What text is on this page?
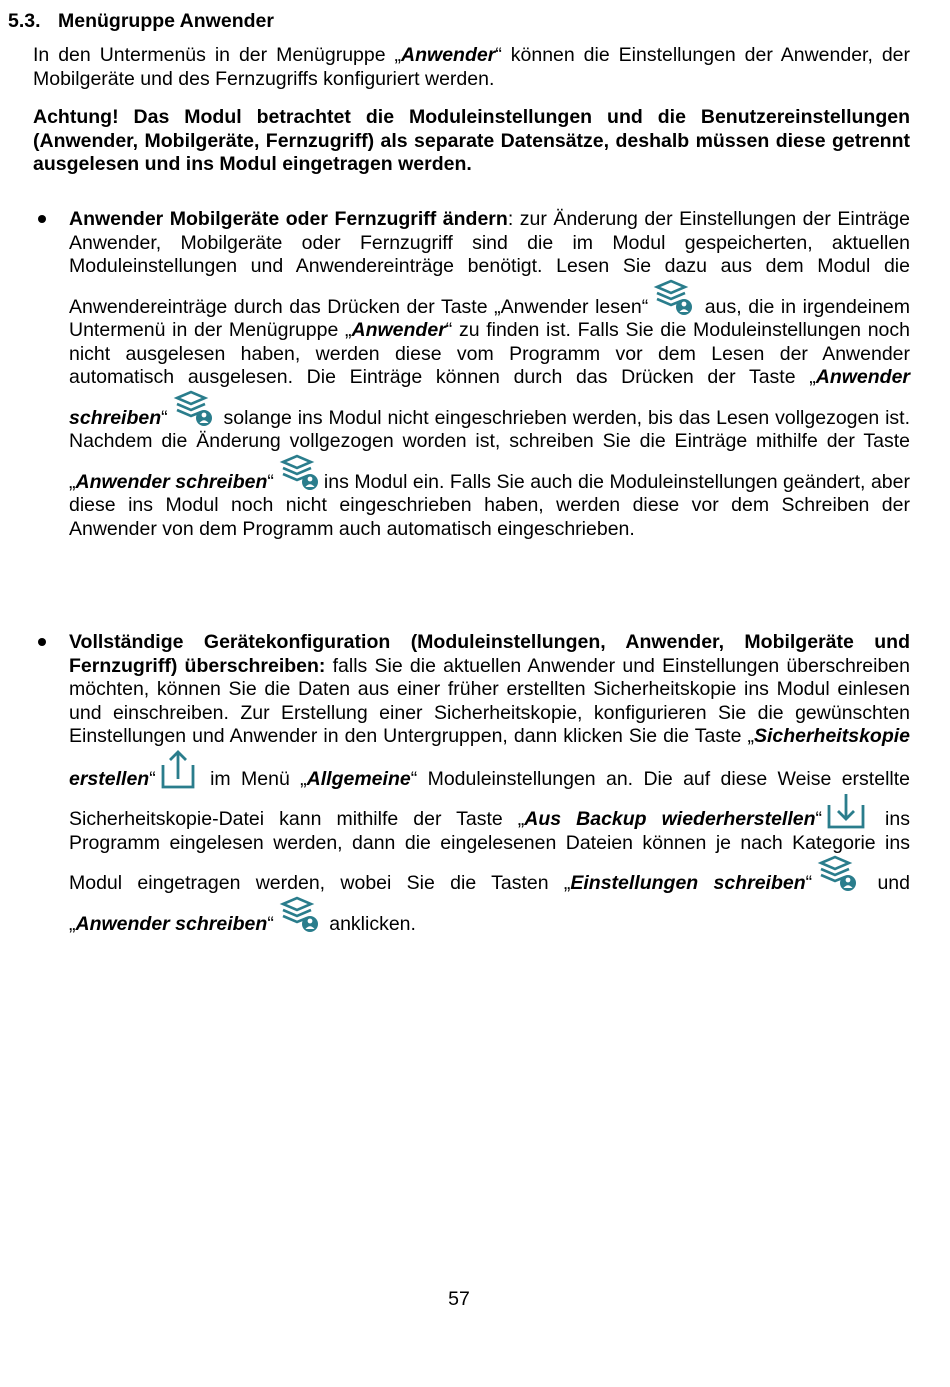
5.3. Menügruppe Anwender
In den Untermenüs in der Menügruppe „Anwender“ können die Einstellungen der Anwender, der Mobilgeräte und des Fernzugriffs konfiguriert werden.
Achtung! Das Modul betrachtet die Moduleinstellungen und die Benutzereinstellungen (Anwender, Mobilgeräte, Fernzugriff) als separate Datensätze, deshalb müssen diese getrennt ausgelesen und ins Modul eingetragen werden.
Anwender Mobilgeräte oder Fernzugriff ändern: zur Änderung der Einstellungen der Einträge Anwender, Mobilgeräte oder Fernzugriff sind die im Modul gespeicherten, aktuellen Moduleinstellungen und Anwendereinträge benötigt. Lesen Sie dazu aus dem Modul die Anwendereinträge durch das Drücken der Taste „Anwender lesen“	aus, die in irgendeinem Untermenü in der Menügruppe „Anwender“ zu finden ist. Falls Sie die Moduleinstellungen noch nicht ausgelesen haben, werden diese vom Programm vor dem Lesen der Anwender automatisch ausgelesen. Die Einträge können durch das Drücken der Taste „Anwender schreiben“	solange ins Modul nicht eingeschrieben werden, bis das Lesen vollgezogen ist. Nachdem die Änderung vollgezogen worden ist, schreiben Sie die Einträge mithilfe der Taste „Anwender schreiben“	ins Modul ein. Falls Sie auch die Moduleinstellungen geändert, aber diese ins Modul noch nicht eingeschrieben haben, werden diese vor dem Schreiben der Anwender von dem Programm auch automatisch eingeschrieben.
Vollständige Gerätekonfiguration (Moduleinstellungen, Anwender, Mobilgeräte und Fernzugriff) überschreiben: falls Sie die aktuellen Anwender und Einstellungen überschreiben möchten, können Sie die Daten aus einer früher erstellten Sicherheitskopie ins Modul einlesen und einschreiben. Zur Erstellung einer Sicherheitskopie, konfigurieren Sie die gewünschten Einstellungen und Anwender in den Untergruppen, dann klicken Sie die Taste „Sicherheitskopie erstellen“
im Menü „Allgemeine“ Moduleinstellungen an. Die auf diese Weise erstellte Sicherheitskopie-Datei kann mithilfe der Taste „Aus Backup wiederherstellen“
ins Programm eingelesen werden, dann die eingelesenen Dateien können je nach Kategorie ins Modul eingetragen werden, wobei Sie die Tasten „Einstellungen schreiben“	und „Anwender schreiben“	anklicken.
57
